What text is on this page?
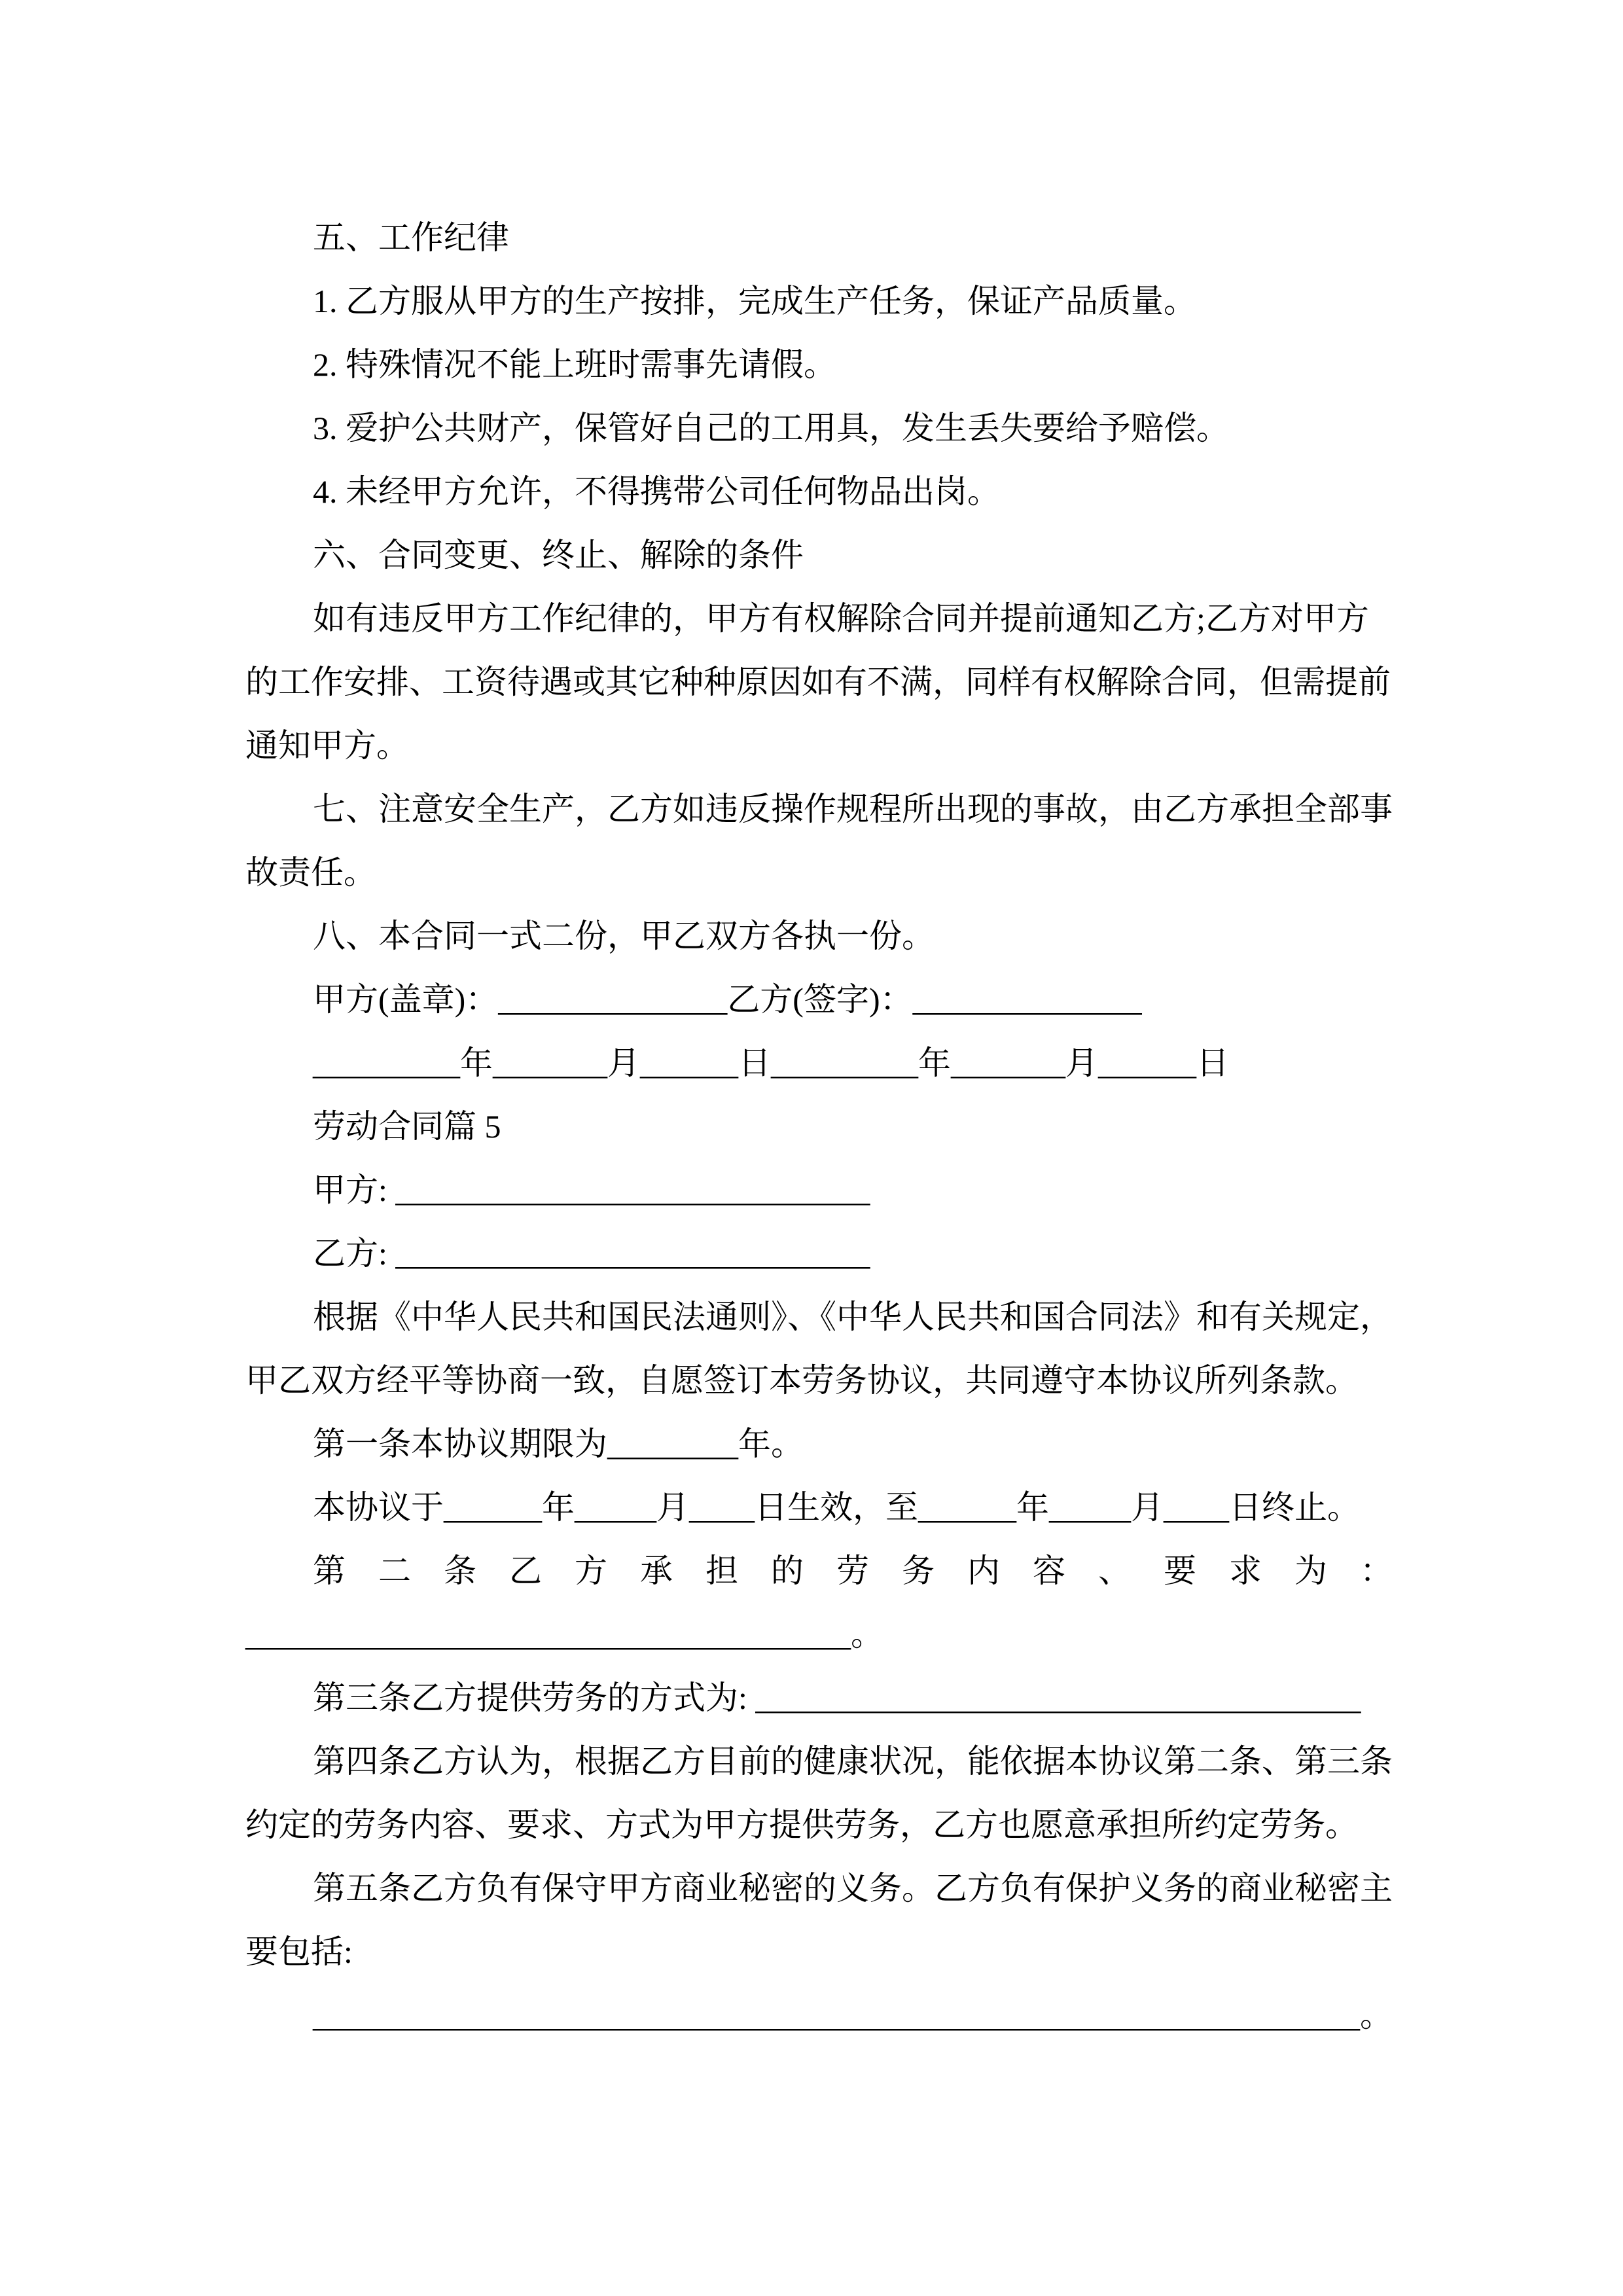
五、工作纪律
1. 乙方服从甲方的生产按排，完成生产任务，保证产品质量。
2. 特殊情况不能上班时需事先请假。
3. 爱护公共财产，保管好自己的工用具，发生丢失要给予赔偿。
4. 未经甲方允许，不得携带公司任何物品出岗。
六、合同变更、终止、解除的条件
如有违反甲方工作纪律的，甲方有权解除合同并提前通知乙方;乙方对甲方
的工作安排、工资待遇或其它种种原因如有不满，同样有权解除合同，但需提前
通知甲方。
七、注意安全生产，乙方如违反操作规程所出现的事故，由乙方承担全部事
故责任。
八、本合同一式二份，甲乙双方各执一份。
甲方(盖章)：______________乙方(签字)：______________
_________年_______月______日_________年_______月______日
劳动合同篇 5
甲方: _____________________________
乙方: _____________________________
根据《中华人民共和国民法通则》、《中华人民共和国合同法》和有关规定，
甲乙双方经平等协商一致，自愿签订本劳务协议，共同遵守本协议所列条款。
第一条本协议期限为________年。
本协议于______年_____月____日生效，至______年_____月____日终止。
第二条乙方承担的劳务内容、要求为：
_____________________________________。
第三条乙方提供劳务的方式为: _____________________________________
第四条乙方认为，根据乙方目前的健康状况，能依据本协议第二条、第三条
约定的劳务内容、要求、方式为甲方提供劳务，乙方也愿意承担所约定劳务。
第五条乙方负有保守甲方商业秘密的义务。乙方负有保护义务的商业秘密主
要包括:
________________________________________________________________。
